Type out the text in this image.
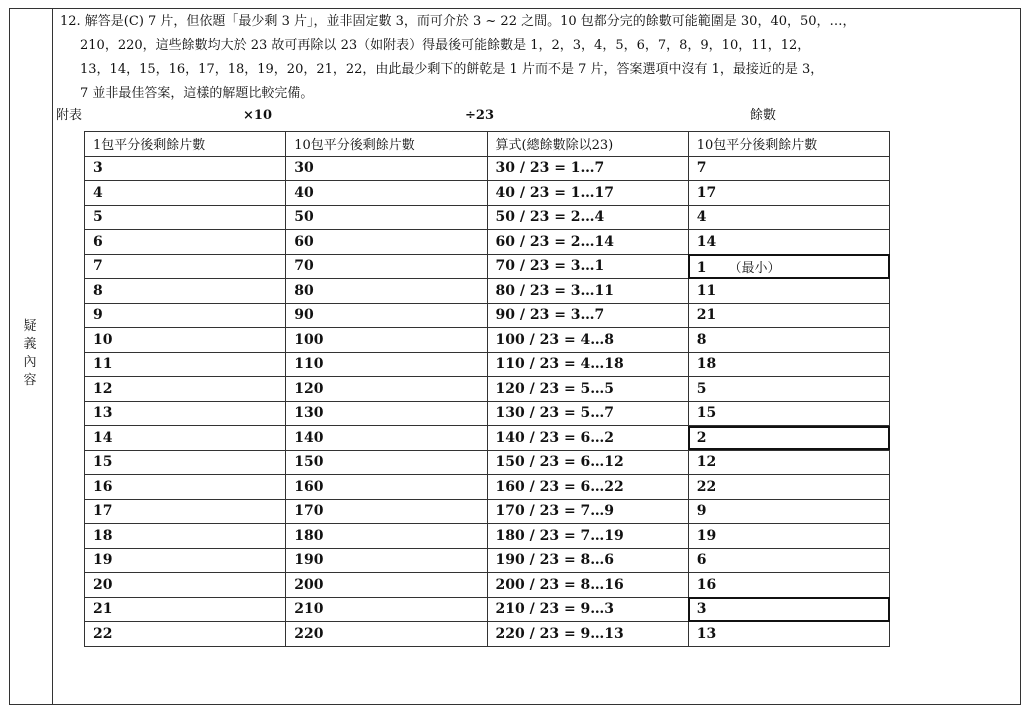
疑義內容
12. 解答是(C) 7 片，但依題「最少剩 3 片」，並非固定數 3，而可介於 3 ~ 22 之間。10 包都分完的餘數可能範圍是 30，40，50，…，
210，220，這些餘數均大於 23 故可再除以 23（如附表）得最後可能餘數是 1，2，3，4，5，6，7，8，9，10，11，12，
13，14，15，16，17，18，19，20，21，22，由此最少剩下的餅乾是 1 片而不是 7 片，答案選項中沒有 1，最接近的是 3，
7 並非最佳答案，這樣的解題比較完備。
附表	×10	÷23	餘數
1包平分後剩餘片數	10包平分後剩餘片數	算式(總餘數除以23)	10包平分後剩餘片數
3	30	30 / 23 = 1…7	7
4	40	40 / 23 = 1…17	17
5	50	50 / 23 = 2…4	4
6	60	60 / 23 = 2…14	14
7	70	70 / 23 = 3…1	1 （最小）
8	80	80 / 23 = 3…11	11
9	90	90 / 23 = 3…7	21
10	100	100 / 23 = 4…8	8
11	110	110 / 23 = 4…18	18
12	120	120 / 23 = 5…5	5
13	130	130 / 23 = 5…7	15
14	140	140 / 23 = 6…2	2
15	150	150 / 23 = 6…12	12
16	160	160 / 23 = 6…22	22
17	170	170 / 23 = 7…9	9
18	180	180 / 23 = 7…19	19
19	190	190 / 23 = 8…6	6
20	200	200 / 23 = 8…16	16
21	210	210 / 23 = 9…3	3
22	220	220 / 23 = 9…13	13
